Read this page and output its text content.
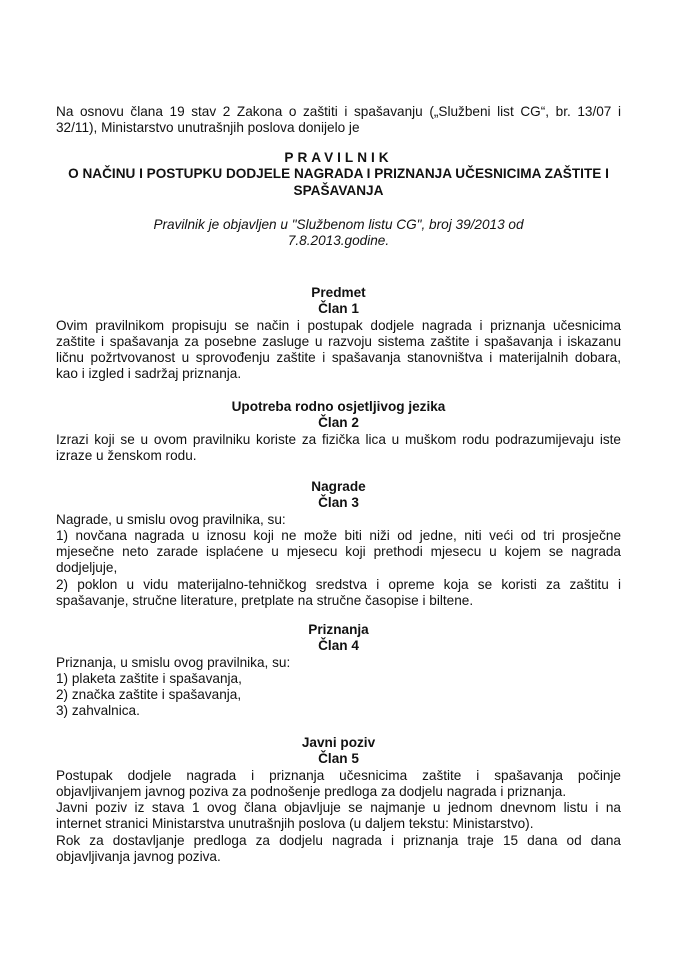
Na osnovu člana 19 stav 2 Zakona o zaštiti i spašavanju („Službeni list CG“, br. 13/07 i
32/11), Ministarstvo unutrašnjih poslova donijelo je
PRAVILNIK
O NAČINU I POSTUPKU DODJELE NAGRADA I PRIZNANJA UČESNICIMA ZAŠTITE I
SPAŠAVANJA
Pravilnik je objavljen u "Službenom listu CG", broj 39/2013 od
7.8.2013.godine.
Predmet
Član 1
Ovim pravilnikom propisuju se način i postupak dodjele nagrada i priznanja učesnicima
zaštite i spašavanja za posebne zasluge u razvoju sistema zaštite i spašavanja i iskazanu
ličnu požrtvovanost u sprovođenju zaštite i spašavanja stanovništva i materijalnih dobara,
kao i izgled i sadržaj priznanja.
Upotreba rodno osjetljivog jezika
Član 2
Izrazi koji se u ovom pravilniku koriste za fizička lica u muškom rodu podrazumijevaju iste
izraze u ženskom rodu.
Nagrade
Član 3
Nagrade, u smislu ovog pravilnika, su:
1) novčana nagrada u iznosu koji ne može biti niži od jedne, niti veći od tri prosječne
mjesečne neto zarade isplaćene u mjesecu koji prethodi mjesecu u kojem se nagrada
dodjeljuje,
2) poklon u vidu materijalno-tehničkog sredstva i opreme koja se koristi za zaštitu i
spašavanje, stručne literature, pretplate na stručne časopise i biltene.
Priznanja
Član 4
Priznanja, u smislu ovog pravilnika, su:
1) plaketa zaštite i spašavanja,
2) značka zaštite i spašavanja,
3) zahvalnica.
Javni poziv
Član 5
Postupak dodjele nagrada i priznanja učesnicima zaštite i spašavanja počinje
objavljivanjem javnog poziva za podnošenje predloga za dodjelu nagrada i priznanja.
Javni poziv iz stava 1 ovog člana objavljuje se najmanje u jednom dnevnom listu i na
internet stranici Ministarstva unutrašnjih poslova (u daljem tekstu: Ministarstvo).
Rok za dostavljanje predloga za dodjelu nagrada i priznanja traje 15 dana od dana
objavljivanja javnog poziva.
